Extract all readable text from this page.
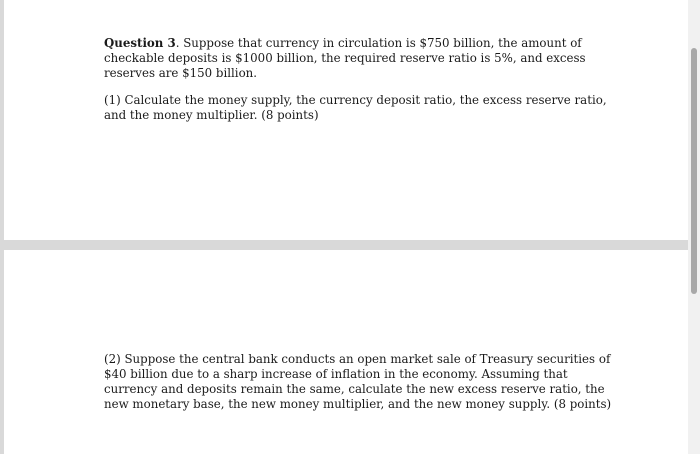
Question 3. Suppose that currency in circulation is $750 billion, the amount of checkable deposits is $1000 billion, the required reserve ratio is 5%, and excess reserves are $150 billion.

(1) Calculate the money supply, the currency deposit ratio, the excess reserve ratio, and the money multiplier. (8 points)

(2) Suppose the central bank conducts an open market sale of Treasury securities of $40 billion due to a sharp increase of inflation in the economy. Assuming that currency and deposits remain the same, calculate the new excess reserve ratio, the new monetary base, the new money multiplier, and the new money supply. (8 points)
